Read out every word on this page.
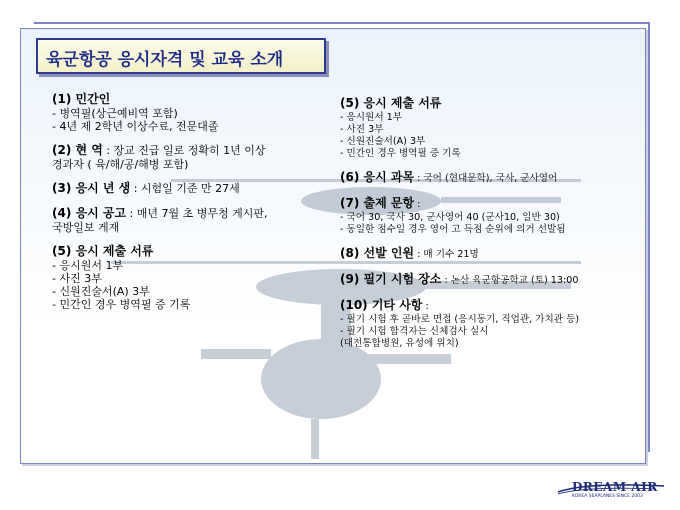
육군항공 응시자격 및 교육 소개
(1) 민간인
- 병역필(상근예비역 포함)
- 4년 제 2학년 이상수료, 전문대졸
(2) 현 역 : 장교 진급 일로 정확히 1년 이상
경과자 ( 육/해/공/해병 포함)
(3) 응시 년 생 : 시험일 기준 만 27세
(4) 응시 공고 : 매년 7월 초 병무청 게시판,
국방일보 게재
(5) 응시 제출 서류
- 응시원서 1부
- 사진 3부
- 신원진술서(A) 3부
- 민간인 경우 병역필 증 기록
(5) 응시 제출 서류
- 응시원서 1부
- 사진 3부
- 신원진술서(A) 3부
- 민간인 경우 병역필 증 기록
(6) 응시 과목 : 국어 (현대문학), 국사, 군사영어
(7) 출제 문항 :
- 국어 30, 국사 30, 군사영어 40 (군사10, 일반 30)
- 동일한 점수일 경우 영어 고 득점 순위에 의거 선발됨
(8) 선발 인원 : 매 기수 21명
(9) 필기 시험 장소 : 논산 육군항공학교 (토) 13:00
(10) 기타 사항 :
- 필기 시험 후 곧바로 면접 (응시동기, 직업관, 가치관 등)
- 필기 시험 합격자는 신체검사 실시
(대전통합병원, 유성에 위치)
DREAM AIR
KOREA SEAPLANES SINCE 2003
